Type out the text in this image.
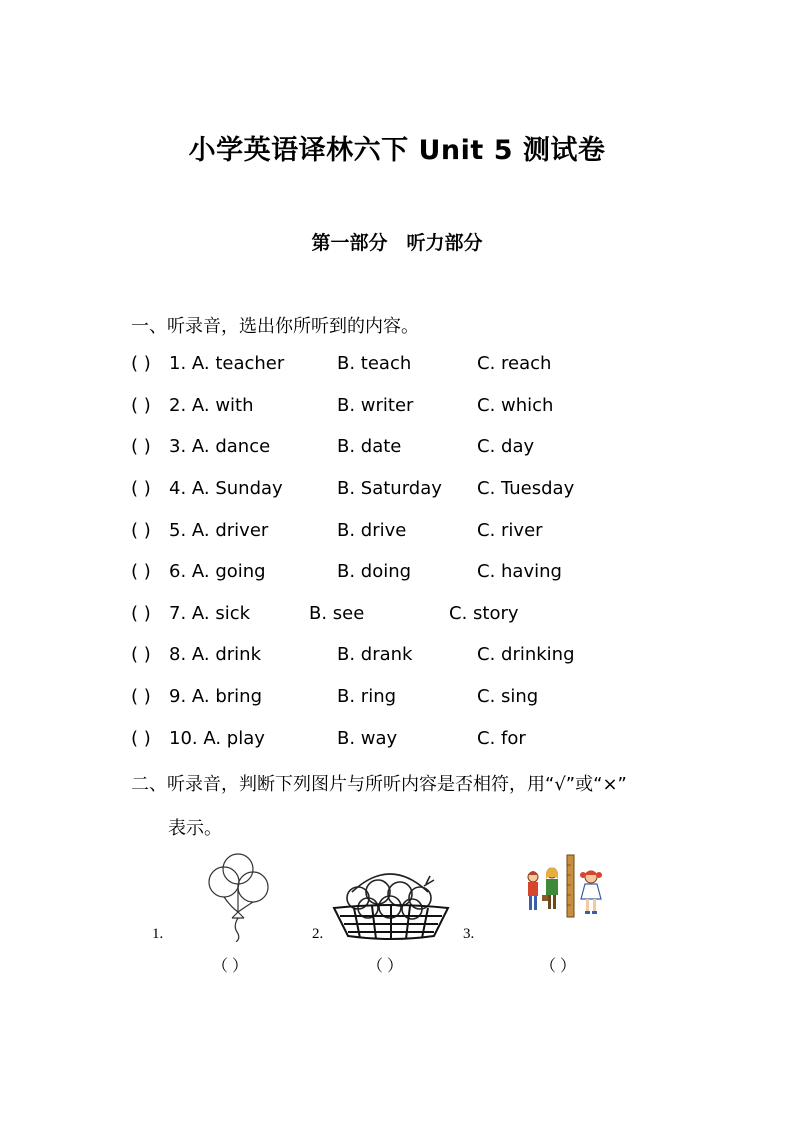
小学英语译林六下 Unit 5 测试卷
第一部分　听力部分
一、听录音，选出你所听到的内容。
( ) 1. A. teacher	B. teach	C. reach
( ) 2. A. with	B. writer	C. which
( ) 3. A. dance	B. date	C. day
( ) 4. A. Sunday	B. Saturday C. Tuesday
( ) 5. A. driver	B. drive	C. river
( ) 6. A. going	B. doing	C. having
( ) 7. A. sick	B. see	C. story
( ) 8. A. drink	B. drank	C. drinking
( ) 9. A. bring	B. ring	C. sing
( ) 10. A. play	B. way	C. for
二、听录音，判断下列图片与所听内容是否相符，用“√”或“×”
表示。
1.
（ ）
2.
（ ）
3.
（ ）
